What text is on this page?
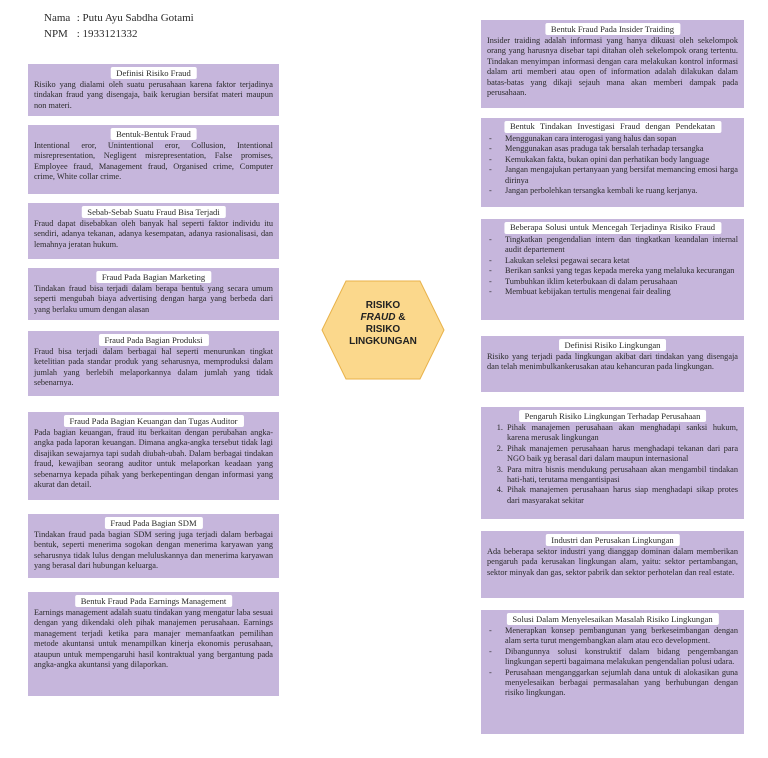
Nama : Putu Ayu Sabdha Gotami
NPM : 1933121332
Definisi Risiko Fraud

Risiko yang dialami oleh suatu perusahaan karena faktor terjadinya tindakan fraud yang disengaja, baik kerugian bersifat materi maupun non materi.

Bentuk-Bentuk Fraud

Intentional eror, Unintentional eror, Collusion, Intentional misrepresentation, Negligent misrepresentation, False promises, Employee fraud, Management fraud, Organised crime, Computer crime, White collar crime.

Sebab-Sebab Suatu Fraud Bisa Terjadi

Fraud dapat disebabkan oleh banyak hal seperti faktor individu itu sendiri, adanya tekanan, adanya kesempatan, adanya rasionalisasi, dan lemahnya jeratan hukum.

Fraud Pada Bagian Marketing

Tindakan fraud bisa terjadi dalam berapa bentuk yang secara umum seperti mengubah biaya advertising dengan harga yang berbeda dari yang berlaku umum dengan alasan

Fraud Pada Bagian Produksi

Fraud bisa terjadi dalam berbagai hal seperti menurunkan tingkat ketelitian pada standar produk yang seharusnya, memproduksi dalam jumlah yang berlebih melaporkannya dalam jumlah yang tidak sebenarnya.

Fraud Pada Bagian Keuangan dan Tugas Auditor

Pada bagian keuangan, fraud itu berkaitan dengan perubahan angka-angka pada laporan keuangan. Dimana angka-angka tersebut tidak lagi disajikan sewajarnya tapi sudah diubah-ubah. Dalam berbagai tindakan fraud, kewajiban seorang auditor untuk melaporkan keadaan yang sebenarnya kepada pihak yang berkepentingan dengan informasi yang akurat dan detail.

Fraud Pada Bagian SDM

Tindakan fraud pada bagian SDM sering juga terjadi dalam berbagai bentuk, seperti menerima sogokan dengan menerima karyawan yang seharusnya tidak lulus dengan meluluskannya dan menerima karyawan yang berasal dari hubungan keluarga.

Bentuk Fraud Pada Earnings Management

Earnings management adalah suatu tindakan yang mengatur laba sesuai dengan yang dikendaki oleh pihak manajemen perusahaan. Earnings management terjadi ketika para manajer memanfaatkan pemilihan metode akuntansi untuk menampilkan kinerja ekonomis perusahaan, ataupun untuk mempengaruhi hasil kontraktual yang bergantung pada angka-angka akuntansi yang dilaporkan.

RISIKO
FRAUD &
RISIKO
LINGKUNGAN
Bentuk Fraud Pada Insider Traiding

Insider traiding adalah informasi yang hanya dikuasi oleh sekelompok orang yang harusnya disebar tapi ditahan oleh sekelompok orang tertentu. Tindakan menyimpan informasi dengan cara melakukan kontrol informasi dalam arti memberi atau open of information adalah dilakukan dalam batas-batas yang dikaji sejauh mana akan memberi dampak pada perusahaan.

Bentuk Tindakan Investigasi Fraud dengan Pendekatan
- Menggunakan cara interogasi yang halus dan sopan
- Menggunakan asas praduga tak bersalah terhadap tersangka
- Kemukakan fakta, bukan opini dan perhatikan body language
- Jangan mengajukan pertanyaan yang bersifat memancing emosi harga dirinya
- Jangan perbolehkan tersangka kembali ke ruang kerjanya.
Beberapa Solusi untuk Mencegah Terjadinya Risiko Fraud
- Tingkatkan pengendalian intern dan tingkatkan keandalan internal audit departement
- Lakukan seleksi pegawai secara ketat
- Berikan sanksi yang tegas kepada mereka yang melaluka kecurangan
- Tumbuhkan iklim keterbukaan di dalam perusahaan
- Membuat kebijakan tertulis mengenai fair dealing
Definisi Risiko Lingkungan

Risiko yang terjadi pada lingkungan akibat dari tindakan yang disengaja dan telah menimbulkankerusakan atau kehancuran pada lingkungan.

Pengaruh Risiko Lingkungan Terhadap Perusahaan
1. Pihak manajemen perusahaan akan menghadapi sanksi hukum, karena merusak lingkungan
2. Pihak manajemen perusahaan harus menghadapi tekanan dari para NGO baik yg berasal dari dalam maupun internasional
3. Para mitra bisnis mendukung perusahaan akan mengambil tindakan hati-hati, terutama mengantisipasi
4. Pihak manajemen perusahaan harus siap menghadapi sikap protes dari masyarakat sekitar
Industri dan Perusakan Lingkungan

Ada beberapa sektor industri yang dianggap dominan dalam memberikan pengaruh pada kerusakan lingkungan alam, yaitu: sektor pertambangan, sektor minyak dan gas, sektor pabrik dan sektor perhotelan dan real estate.

Solusi Dalam Menyelesaikan Masalah Risiko Lingkungan
- Menerapkan konsep pembangunan yang berkeseimbangan dengan alam serta turut mengembangkan alam atau eco development.
- Dibangunnya solusi konstruktif dalam bidang pengembangan lingkungan seperti bagaimana melakukan pengendalian polusi udara.
- Perusahaan menganggarkan sejumlah dana untuk di alokasikan guna menyelesaikan berbagai permasalahan yang berhubungan dengan risiko lingkungan.
